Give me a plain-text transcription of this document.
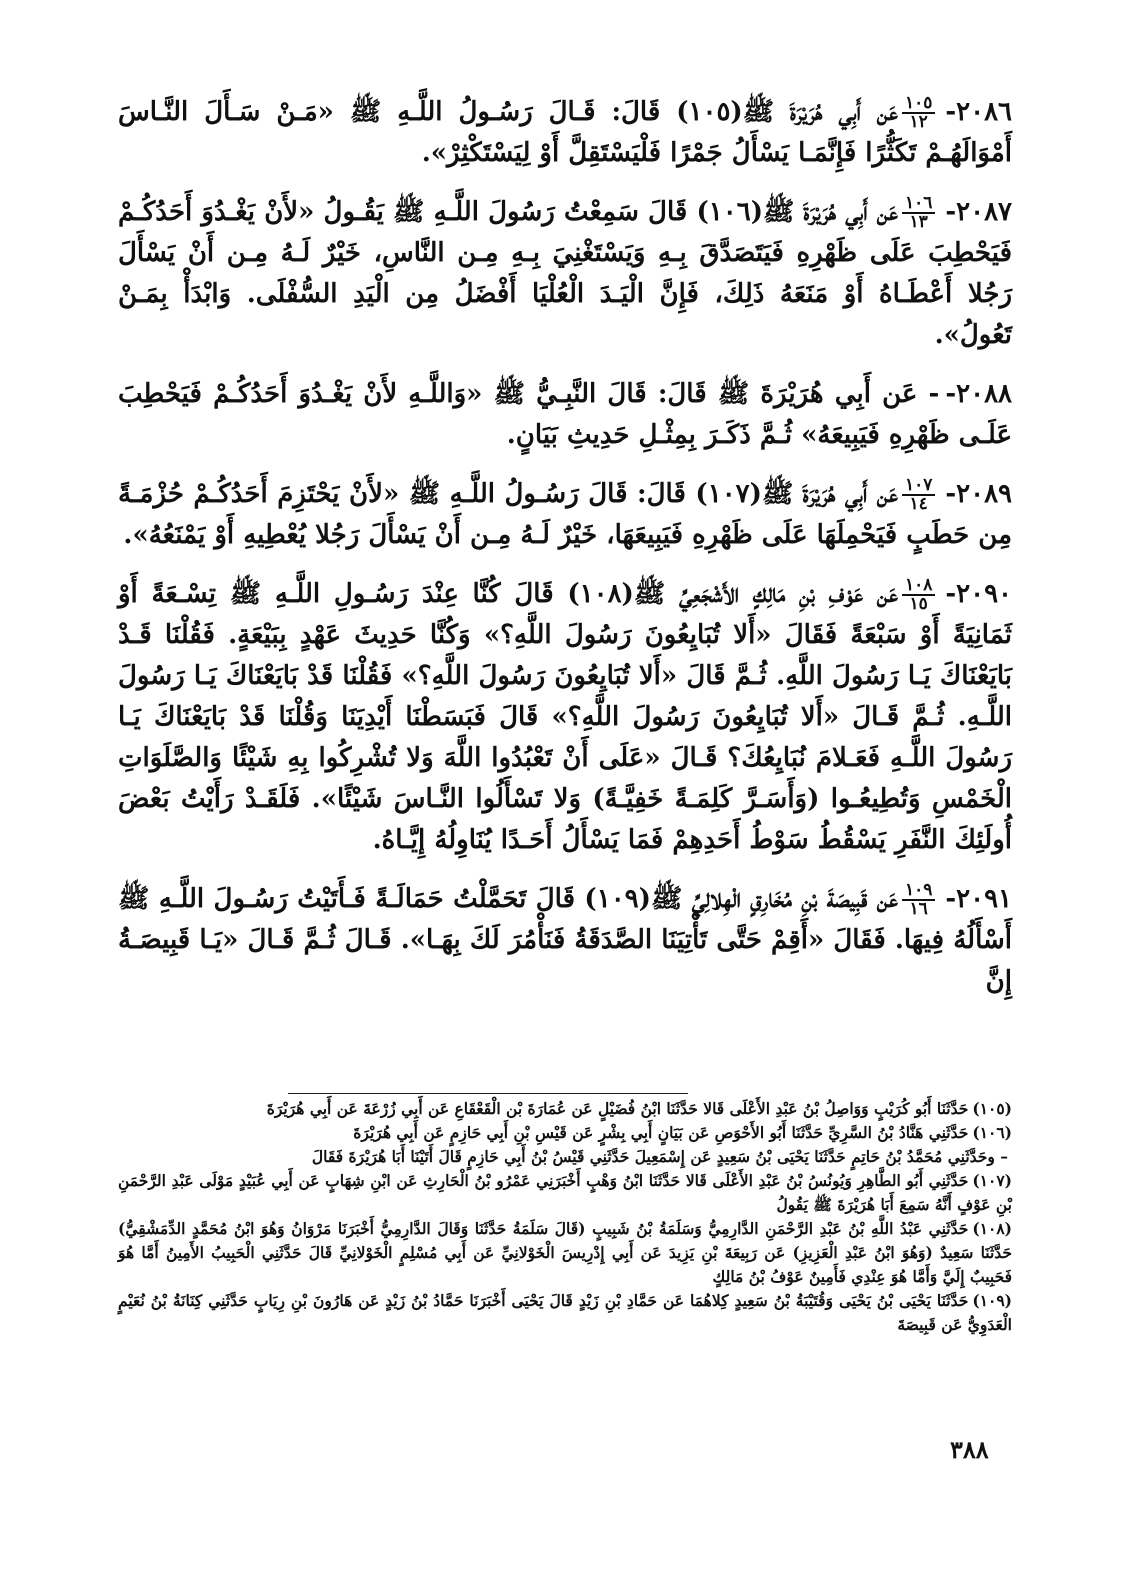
٢٠٨٦-
$\frac{١٠٥}{١٢}$
عَن أَبِي هُرَيْرَةَ ﷺ(١٠٥) قَالَ: قَـالَ رَسُـولُ اللَّـهِ ﷺ «مَـنْ سَـأَلَ النَّـاسَ أَمْوَالَهُـمْ تَكَثُّرًا فَإِنَّمَـا يَسْأَلُ جَمْرًا فَلْيَسْتَقِلَّ أَوْ لِيَسْتَكْثِرْ».

٢٠٨٧-
$\frac{١٠٦}{١٣}$
عَن أَبِي هُرَيْرَةَ ﷺ(١٠٦) قَالَ سَمِعْتُ رَسُولَ اللَّـهِ ﷺ يَقُـولُ «لأَنْ يَغْـدُوَ أَحَدُكُـمْ فَيَحْطِبَ عَلَى ظَهْرِهِ فَيَتَصَدَّقَ بِـهِ وَيَسْتَغْنِيَ بِـهِ مِـن النَّاسِ، خَيْرٌ لَـهُ مِـن أَنْ يَسْأَلَ رَجُلا أَعْطَـاهُ أَوْ مَنَعَهُ ذَلِكَ، فَإِنَّ الْيَـدَ الْعُلْيَا أَفْضَلُ مِن الْيَدِ السُّفْلَى. وَابْدَأْ بِمَـنْ تَعُولُ».

٢٠٨٨-- عَن أَبِي هُرَيْرَةَ ﷺ قَالَ: قَالَ النَّبِـيُّ ﷺ «وَاللَّـهِ لأَنْ يَغْـدُوَ أَحَدُكُـمْ فَيَحْطِبَ عَلَـى ظَهْرِهِ فَيَبِيعَهُ» ثُـمَّ ذَكَـرَ بِمِثْـلِ حَدِيثِ بَيَانٍ.

٢٠٨٩-
$\frac{١٠٧}{١٤}$
عَن أَبِي هُرَيْرَةَ ﷺ(١٠٧) قَالَ: قَالَ رَسُـولُ اللَّـهِ ﷺ «لأَنْ يَحْتَزِمَ أَحَدُكُـمْ حُزْمَـةً مِن حَطَبٍ فَيَحْمِلَهَا عَلَى ظَهْرِهِ فَيَبِيعَهَا، خَيْرٌ لَـهُ مِـن أَنْ يَسْأَلَ رَجُلا يُعْطِيهِ أَوْ يَمْنَعُهُ».

٢٠٩٠-
$\frac{١٠٨}{١٥}$
عَن عَوْفِ بْنِ مَالِكٍ الأَشْجَعِيِّ ﷺ(١٠٨) قَالَ كُنَّا عِنْدَ رَسُـولِ اللَّـهِ ﷺ تِسْـعَةً أَوْ ثَمَانِيَةً أَوْ سَبْعَةً فَقَالَ «أَلا تُبَايِعُونَ رَسُولَ اللَّهِ؟» وَكُنَّا حَدِيثَ عَهْدٍ بِبَيْعَةٍ. فَقُلْنَا قَـدْ بَايَعْنَاكَ يَـا رَسُولَ اللَّهِ. ثُـمَّ قَالَ «أَلا تُبَايِعُونَ رَسُولَ اللَّهِ؟» فَقُلْنَا قَدْ بَايَعْنَاكَ يَـا رَسُولَ اللَّـهِ. ثُـمَّ قَـالَ «أَلا تُبَايِعُونَ رَسُولَ اللَّهِ؟» قَالَ فَبَسَطْنَا أَيْدِيَنَا وَقُلْنَا قَدْ بَايَعْنَاكَ يَـا رَسُولَ اللَّـهِ فَعَـلامَ نُبَايِعُكَ؟ قَـالَ «عَلَى أَنْ تَعْبُدُوا اللَّهَ وَلا تُشْرِكُوا بِهِ شَيْئًا وَالصَّلَوَاتِ الْخَمْسِ وَتُطِيعُـوا (وَأَسَـرَّ كَلِمَـةً خَفِيَّـةً) وَلا تَسْأَلُوا النَّـاسَ شَيْئًا». فَلَقَـدْ رَأَيْتُ بَعْضَ أُولَئِكَ النَّفَرِ يَسْقُطُ سَوْطُ أَحَدِهِمْ فَمَا يَسْأَلُ أَحَـدًا يُنَاوِلُهُ إِيَّـاهُ.

٢٠٩١-
$\frac{١٠٩}{١٦}$
عَن قَبِيصَةَ بْنِ مُخَارِقٍ الْهِلالِيِّ ﷺ(١٠٩) قَالَ تَحَمَّلْتُ حَمَالَـةً فَـأَتَيْتُ رَسُـولَ اللَّـهِ ﷺ أَسْأَلُهُ فِيهَا. فَقَالَ «أَقِمْ حَتَّى تَأْتِيَنَا الصَّدَقَةُ فَنَأْمُرَ لَكَ بِهَـا». قَـالَ ثُـمَّ قَـالَ «يَـا قَبِيصَـةُ إِنَّ

(١٠٥)حَدَّثَنَا أَبُو كُرَيْبٍ وَوَاصِلُ بْنُ عَبْدِ الأَعْلَى قَالا حَدَّثَنَا ابْنُ فُضَيْلٍ عَن عُمَارَةَ بْن الْقَعْقَاعِ عَن أَبِي زُرْعَةَ عَن أَبِي هُرَيْرَةَ

(١٠٦)حَدَّثَنِي هَنَّادُ بْنُ السَّرِيِّ حَدَّثَنَا أَبُو الأَحْوَصِ عَن بَيَانٍ أَبِي بِشْرٍ عَن قَيْسِ بْنِ أَبِي حَازِمٍ عَن أَبِي هُرَيْرَةَ

– وحَدَّثَنِي مُحَمَّدُ بْنُ حَاتِمٍ حَدَّثَنَا يَحْيَى بْنُ سَعِيدٍ عَن إِسْمَعِيلَ حَدَّثَنِي قَيْسُ بْنُ أَبِي حَازِمٍ قَالَ أَتَيْنَا أَبَا هُرَيْرَةَ فَقَالَ

(١٠٧)حَدَّثَنِي أَبُو الطَّاهِرِ وَيُونُسُ بْنُ عَبْدِ الأَعْلَى قَالا حَدَّثَنَا ابْنُ وَهْبٍ أَخْبَرَنِي عَمْرُو بْنُ الْحَارِثِ عَن ابْنِ شِهَابٍ عَن أَبِي عُبَيْدٍ مَوْلَى عَبْدِ الرَّحْمَنِ بْنِ عَوْفٍ أَنَّهُ سَمِعَ أَبَا هُرَيْرَةَ ﷺ يَقُولُ

(١٠٨)حَدَّثَنِي عَبْدُ اللَّهِ بْنُ عَبْدِ الرَّحْمَنِ الدَّارِمِيُّ وَسَلَمَةُ بْنُ شَبِيبٍ (قَالَ سَلَمَةُ حَدَّثَنَا وَقَالَ الدَّارِمِيُّ أَخْبَرَنَا مَرْوَانُ وَهُوَ ابْنُ مُحَمَّدٍ الدِّمَشْقِيُّ) حَدَّثَنَا سَعِيدٌ (وَهُوَ ابْنُ عَبْدِ الْعَزِيزِ) عَن رَبِيعَةَ بْنِ يَزِيدَ عَن أَبِي إِدْرِيسَ الْخَوْلانِيِّ عَن أَبِي مُسْلِمٍ الْخَوْلانِيِّ قَالَ حَدَّثَنِي الْحَبِيبُ الأَمِينُ أَمَّا هُوَ فَحَبِيبٌ إِلَيَّ وَأَمَّا هُوَ عِنْدِي فَأَمِينٌ عَوْفُ بْنُ مَالِكٍ

(١٠٩)حَدَّثَنَا يَحْيَى بْنُ يَحْيَى وَقُتَيْبَةُ بْنُ سَعِيدٍ كِلاهُمَا عَن حَمَّادِ بْنِ زَيْدٍ قَالَ يَحْيَى أَخْبَرَنَا حَمَّادُ بْنُ زَيْدٍ عَن هَارُونَ بْنِ رِيَابٍ حَدَّثَنِي كِنَانَةُ بْنُ نُعَيْمٍ الْعَدَوِيُّ عَن قَبِيصَةَ

٣٨٨
